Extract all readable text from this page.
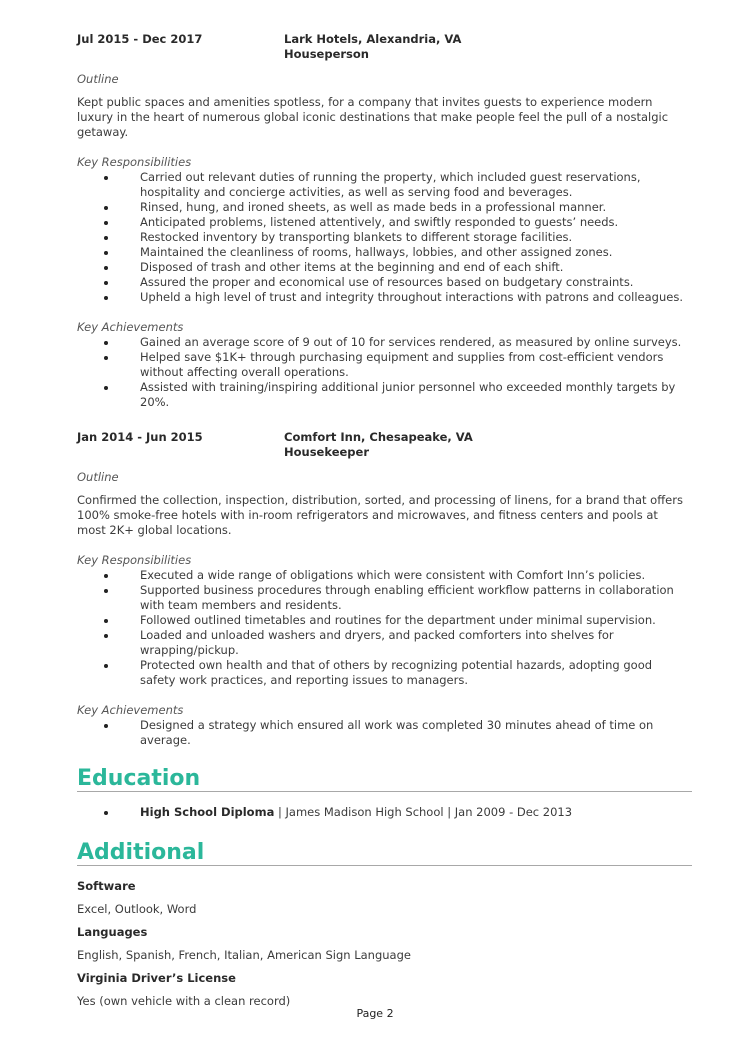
Jul 2015 - Dec 2017	Lark Hotels, Alexandria, VA
Houseperson
Outline

Kept public spaces and amenities spotless, for a company that invites guests to experience modern luxury in the heart of numerous global iconic destinations that make people feel the pull of a nostalgic getaway.

Key Responsibilities
Carried out relevant duties of running the property, which included guest reservations, hospitality and concierge activities, as well as serving food and beverages.
Rinsed, hung, and ironed sheets, as well as made beds in a professional manner.
Anticipated problems, listened attentively, and swiftly responded to guests’ needs.
Restocked inventory by transporting blankets to different storage facilities.
Maintained the cleanliness of rooms, hallways, lobbies, and other assigned zones.
Disposed of trash and other items at the beginning and end of each shift.
Assured the proper and economical use of resources based on budgetary constraints.
Upheld a high level of trust and integrity throughout interactions with patrons and colleagues.
Key Achievements
Gained an average score of 9 out of 10 for services rendered, as measured by online surveys.
Helped save $1K+ through purchasing equipment and supplies from cost-efficient vendors without affecting overall operations.
Assisted with training/inspiring additional junior personnel who exceeded monthly targets by 20%.
Jan 2014 - Jun 2015	Comfort Inn, Chesapeake, VA
Housekeeper
Outline

Confirmed the collection, inspection, distribution, sorted, and processing of linens, for a brand that offers 100% smoke-free hotels with in-room refrigerators and microwaves, and fitness centers and pools at most 2K+ global locations.

Key Responsibilities
Executed a wide range of obligations which were consistent with Comfort Inn’s policies.
Supported business procedures through enabling efficient workflow patterns in collaboration with team members and residents.
Followed outlined timetables and routines for the department under minimal supervision.
Loaded and unloaded washers and dryers, and packed comforters into shelves for wrapping/pickup.
Protected own health and that of others by recognizing potential hazards, adopting good safety work practices, and reporting issues to managers.
Key Achievements
Designed a strategy which ensured all work was completed 30 minutes ahead of time on average.
Education
High School Diploma | James Madison High School | Jan 2009 - Dec 2013
Additional
Software
Excel, Outlook, Word
Languages
English, Spanish, French, Italian, American Sign Language
Virginia Driver’s License
Yes (own vehicle with a clean record)
Page 2
